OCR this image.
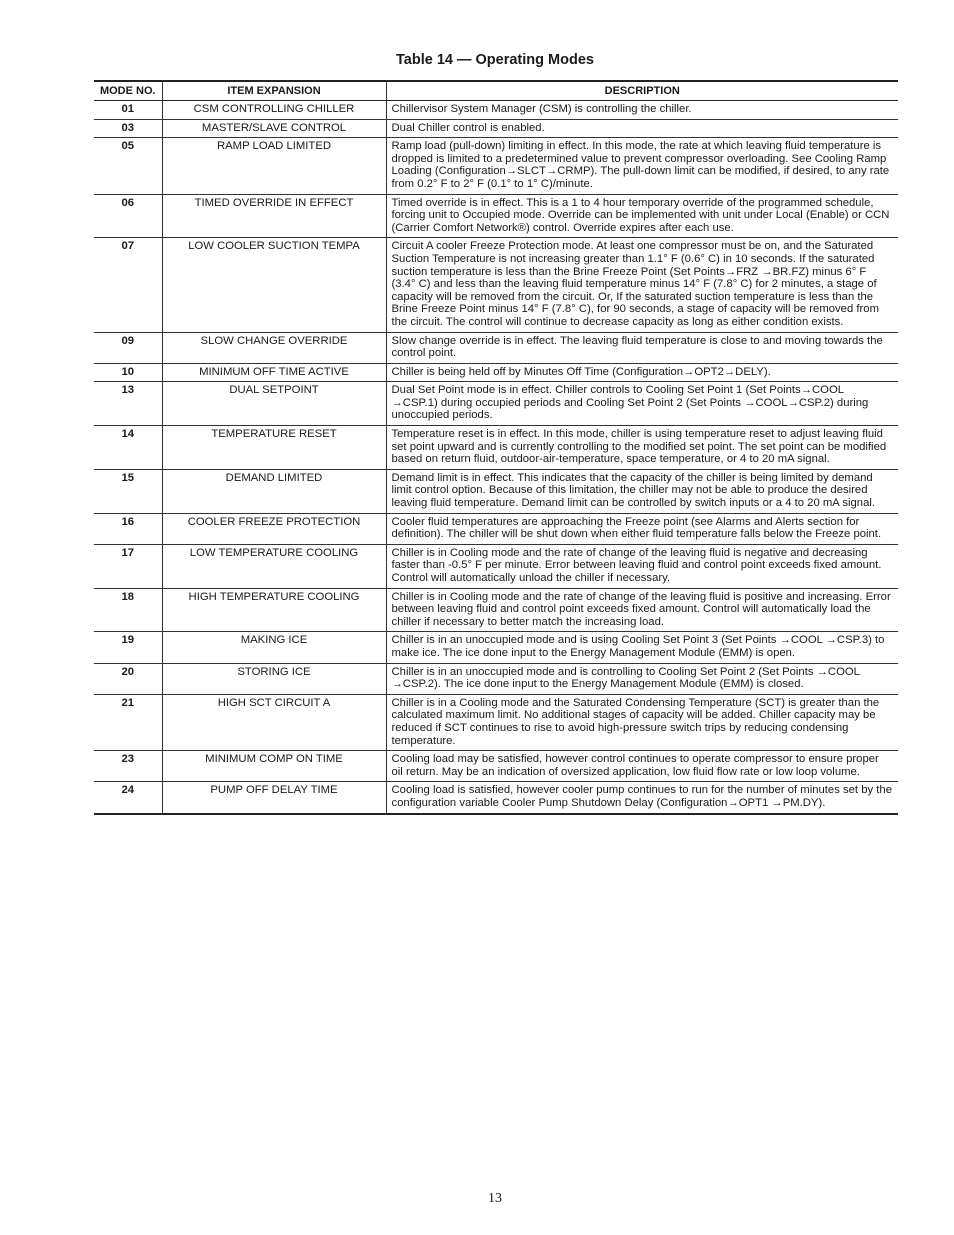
Table 14 — Operating Modes
MODE NO.	ITEM EXPANSION	DESCRIPTION
01	CSM CONTROLLING CHILLER	Chillervisor System Manager (CSM) is controlling the chiller.
03	MASTER/SLAVE CONTROL	Dual Chiller control is enabled.
05	RAMP LOAD LIMITED	Ramp load (pull-down) limiting in effect. In this mode, the rate at which leaving fluid temperature is dropped is limited to a predetermined value to prevent compressor overloading. See Cooling Ramp Loading (Configuration→SLCT→CRMP). The pull-down limit can be modified, if desired, to any rate from 0.2° F to 2° F (0.1° to 1° C)/minute.
06	TIMED OVERRIDE IN EFFECT	Timed override is in effect. This is a 1 to 4 hour temporary override of the programmed schedule, forcing unit to Occupied mode. Override can be implemented with unit under Local (Enable) or CCN (Carrier Comfort Network®) control. Override expires after each use.
07	LOW COOLER SUCTION TEMPA	Circuit A cooler Freeze Protection mode. At least one compressor must be on, and the Saturated Suction Temperature is not increasing greater than 1.1° F (0.6° C) in 10 seconds. If the saturated suction temperature is less than the Brine Freeze Point (Set Points→FRZ →BR.FZ) minus 6° F (3.4° C) and less than the leaving fluid temperature minus 14° F (7.8° C) for 2 minutes, a stage of capacity will be removed from the circuit. Or, If the saturated suction temperature is less than the Brine Freeze Point minus 14° F (7.8° C), for 90 seconds, a stage of capacity will be removed from the circuit. The control will continue to decrease capacity as long as either condition exists.
09	SLOW CHANGE OVERRIDE	Slow change override is in effect. The leaving fluid temperature is close to and moving towards the control point.
10	MINIMUM OFF TIME ACTIVE	Chiller is being held off by Minutes Off Time (Configuration→OPT2→DELY).
13	DUAL SETPOINT	Dual Set Point mode is in effect. Chiller controls to Cooling Set Point 1 (Set Points→COOL →CSP.1) during occupied periods and Cooling Set Point 2 (Set Points →COOL→CSP.2) during unoccupied periods.
14	TEMPERATURE RESET	Temperature reset is in effect. In this mode, chiller is using temperature reset to adjust leaving fluid set point upward and is currently controlling to the modified set point. The set point can be modified based on return fluid, outdoor-air-temperature, space temperature, or 4 to 20 mA signal.
15	DEMAND LIMITED	Demand limit is in effect. This indicates that the capacity of the chiller is being limited by demand limit control option. Because of this limitation, the chiller may not be able to produce the desired leaving fluid temperature. Demand limit can be controlled by switch inputs or a 4 to 20 mA signal.
16	COOLER FREEZE PROTECTION	Cooler fluid temperatures are approaching the Freeze point (see Alarms and Alerts section for definition). The chiller will be shut down when either fluid temperature falls below the Freeze point.
17	LOW TEMPERATURE COOLING	Chiller is in Cooling mode and the rate of change of the leaving fluid is negative and decreasing faster than -0.5° F per minute. Error between leaving fluid and control point exceeds fixed amount. Control will automatically unload the chiller if necessary.
18	HIGH TEMPERATURE COOLING	Chiller is in Cooling mode and the rate of change of the leaving fluid is positive and increasing. Error between leaving fluid and control point exceeds fixed amount. Control will automatically load the chiller if necessary to better match the increasing load.
19	MAKING ICE	Chiller is in an unoccupied mode and is using Cooling Set Point 3 (Set Points →COOL →CSP.3) to make ice. The ice done input to the Energy Management Module (EMM) is open.
20	STORING ICE	Chiller is in an unoccupied mode and is controlling to Cooling Set Point 2 (Set Points →COOL →CSP.2). The ice done input to the Energy Management Module (EMM) is closed.
21	HIGH SCT CIRCUIT A	Chiller is in a Cooling mode and the Saturated Condensing Temperature (SCT) is greater than the calculated maximum limit. No additional stages of capacity will be added. Chiller capacity may be reduced if SCT continues to rise to avoid high-pressure switch trips by reducing condensing temperature.
23	MINIMUM COMP ON TIME	Cooling load may be satisfied, however control continues to operate compressor to ensure proper oil return. May be an indication of oversized application, low fluid flow rate or low loop volume.
24	PUMP OFF DELAY TIME	Cooling load is satisfied, however cooler pump continues to run for the number of minutes set by the configuration variable Cooler Pump Shutdown Delay (Configuration→OPT1 →PM.DY).
13
